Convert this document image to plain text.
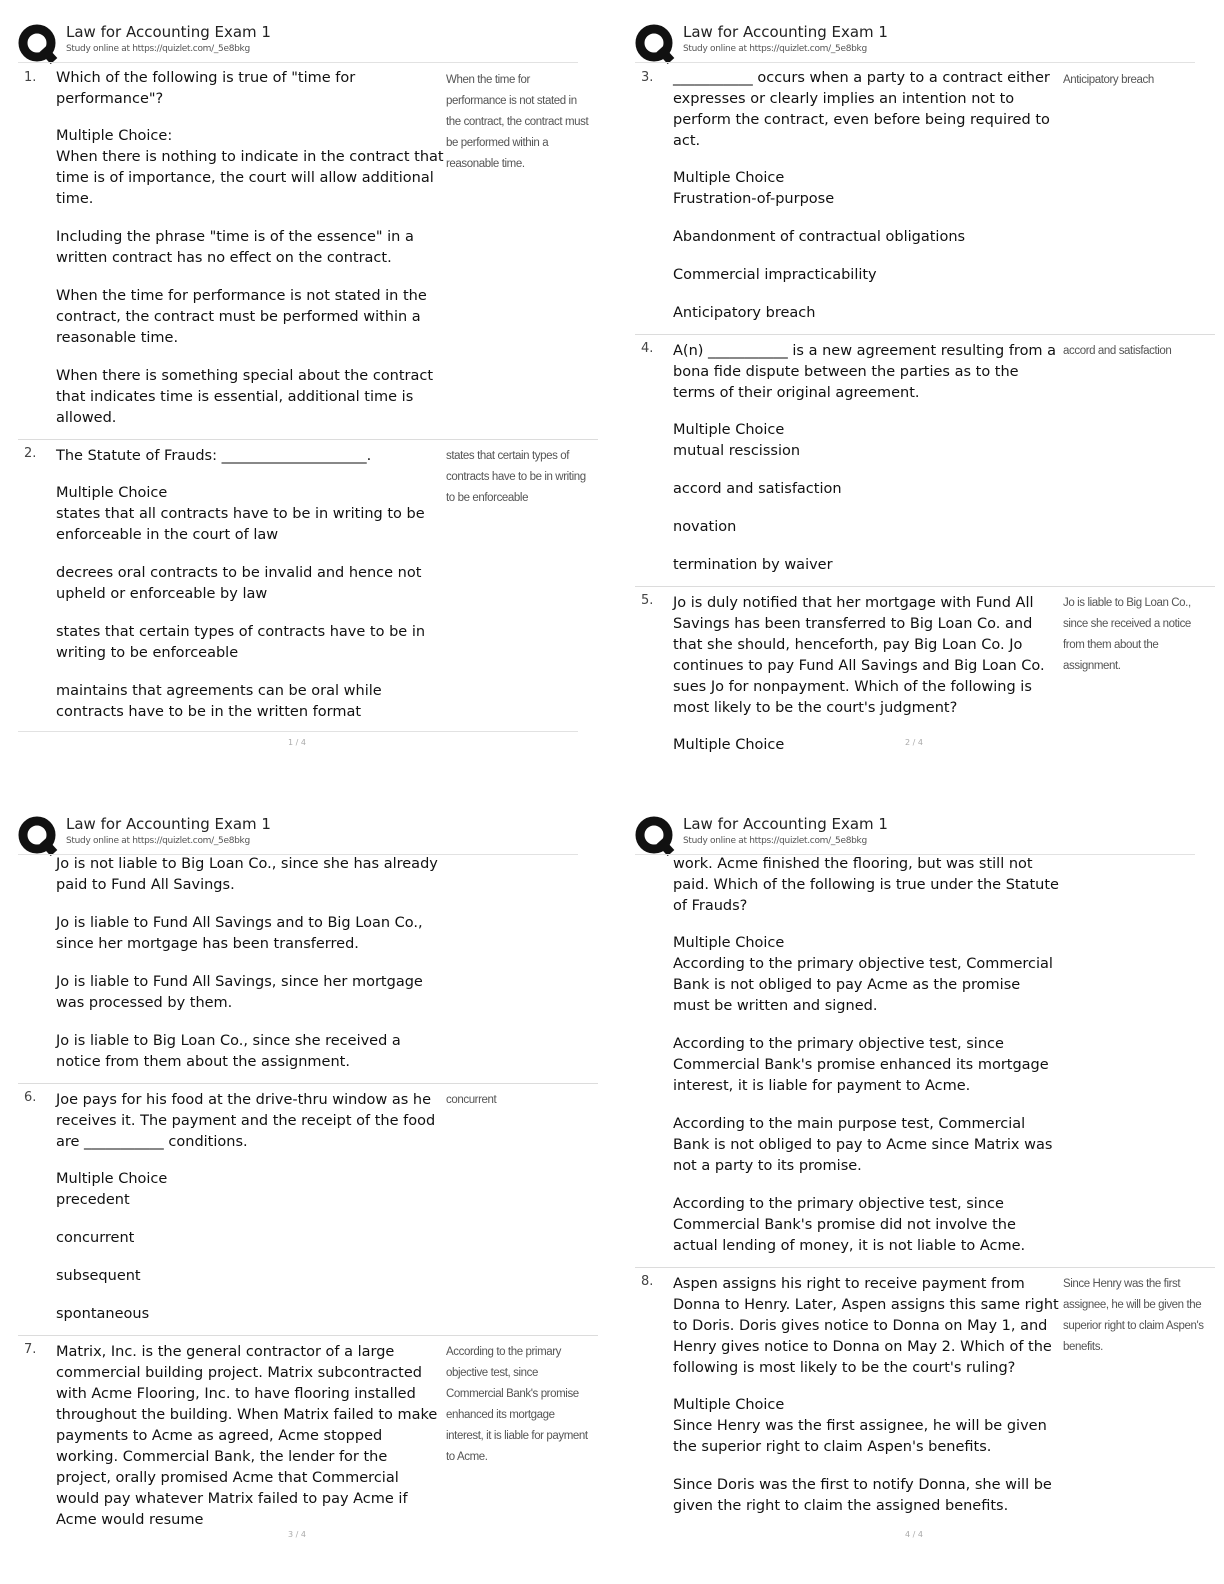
Law for Accounting Exam 1
Study online at https://quizlet.com/_5e8bkg
1. Which of the following is true of "time for performance"?

Multiple Choice:

When there is nothing to indicate in the contract that time is of importance, the court will allow additional time.

Including the phrase "time is of the essence" in a written contract has no effect on the contract.

When the time for performance is not stated in the contract, the contract must be performed within a reasonable time.

When there is something special about the contract that indicates time is essential, additional time is allowed.

When the time for performance is not stated in the contract, the contract must be performed within a reasonable time.
2. The Statute of Frauds: ____________________.

Multiple Choice

states that all contracts have to be in writing to be enforceable in the court of law

decrees oral contracts to be invalid and hence not upheld or enforceable by law

states that certain types of contracts have to be in writing to be enforceable

maintains that agreements can be oral while contracts have to be in the written format

states that certain types of contracts have to be in writing to be enforceable
1 / 4
Law for Accounting Exam 1
Study online at https://quizlet.com/_5e8bkg
3. ___________ occurs when a party to a contract either expresses or clearly implies an intention not to perform the contract, even before being required to act.

Multiple Choice

Frustration-of-purpose

Abandonment of contractual obligations

Commercial impracticability

Anticipatory breach

Anticipatory breach
4. A(n) ___________ is a new agreement resulting from a bona fide dispute between the parties as to the terms of their original agreement.

Multiple Choice

mutual rescission

accord and satisfaction

novation

termination by waiver

accord and satisfaction
5. Jo is duly notified that her mortgage with Fund All Savings has been transferred to Big Loan Co. and that she should, henceforth, pay Big Loan Co. Jo continues to pay Fund All Savings and Big Loan Co. sues Jo for nonpayment. Which of the following is most likely to be the court's judgment?

Multiple Choice

Jo is liable to Big Loan Co., since she received a notice from them about the assignment.
2 / 4
Law for Accounting Exam 1
Study online at https://quizlet.com/_5e8bkg

Jo is not liable to Big Loan Co., since she has already paid to Fund All Savings.

Jo is liable to Fund All Savings and to Big Loan Co., since her mortgage has been transferred.

Jo is liable to Fund All Savings, since her mortgage was processed by them.

Jo is liable to Big Loan Co., since she received a notice from them about the assignment.

6. Joe pays for his food at the drive-thru window as he receives it. The payment and the receipt of the food are ___________ conditions.

Multiple Choice

precedent

concurrent

subsequent

spontaneous

concurrent
7. Matrix, Inc. is the general contractor of a large commercial building project. Matrix subcontracted with Acme Flooring, Inc. to have flooring installed throughout the building. When Matrix failed to make payments to Acme as agreed, Acme stopped working. Commercial Bank, the lender for the project, orally promised Acme that Commercial would pay whatever Matrix failed to pay Acme if Acme would resume

According to the primary objective test, since Commercial Bank's promise enhanced its mortgage interest, it is liable for payment to Acme.
3 / 4
Law for Accounting Exam 1
Study online at https://quizlet.com/_5e8bkg

work. Acme finished the flooring, but was still not paid. Which of the following is true under the Statute of Frauds?

Multiple Choice

According to the primary objective test, Commercial Bank is not obliged to pay Acme as the promise must be written and signed.

According to the primary objective test, since Commercial Bank's promise enhanced its mortgage interest, it is liable for payment to Acme.

According to the main purpose test, Commercial Bank is not obliged to pay to Acme since Matrix was not a party to its promise.

According to the primary objective test, since Commercial Bank's promise did not involve the actual lending of money, it is not liable to Acme.

8. Aspen assigns his right to receive payment from Donna to Henry. Later, Aspen assigns this same right to Doris. Doris gives notice to Donna on May 1, and Henry gives notice to Donna on May 2. Which of the following is most likely to be the court's ruling?

Multiple Choice

Since Henry was the first assignee, he will be given the superior right to claim Aspen's benefits.

Since Doris was the first to notify Donna, she will be given the right to claim the assigned benefits.

Since Henry was the first assignee, he will be given the superior right to claim Aspen's benefits.
4 / 4
